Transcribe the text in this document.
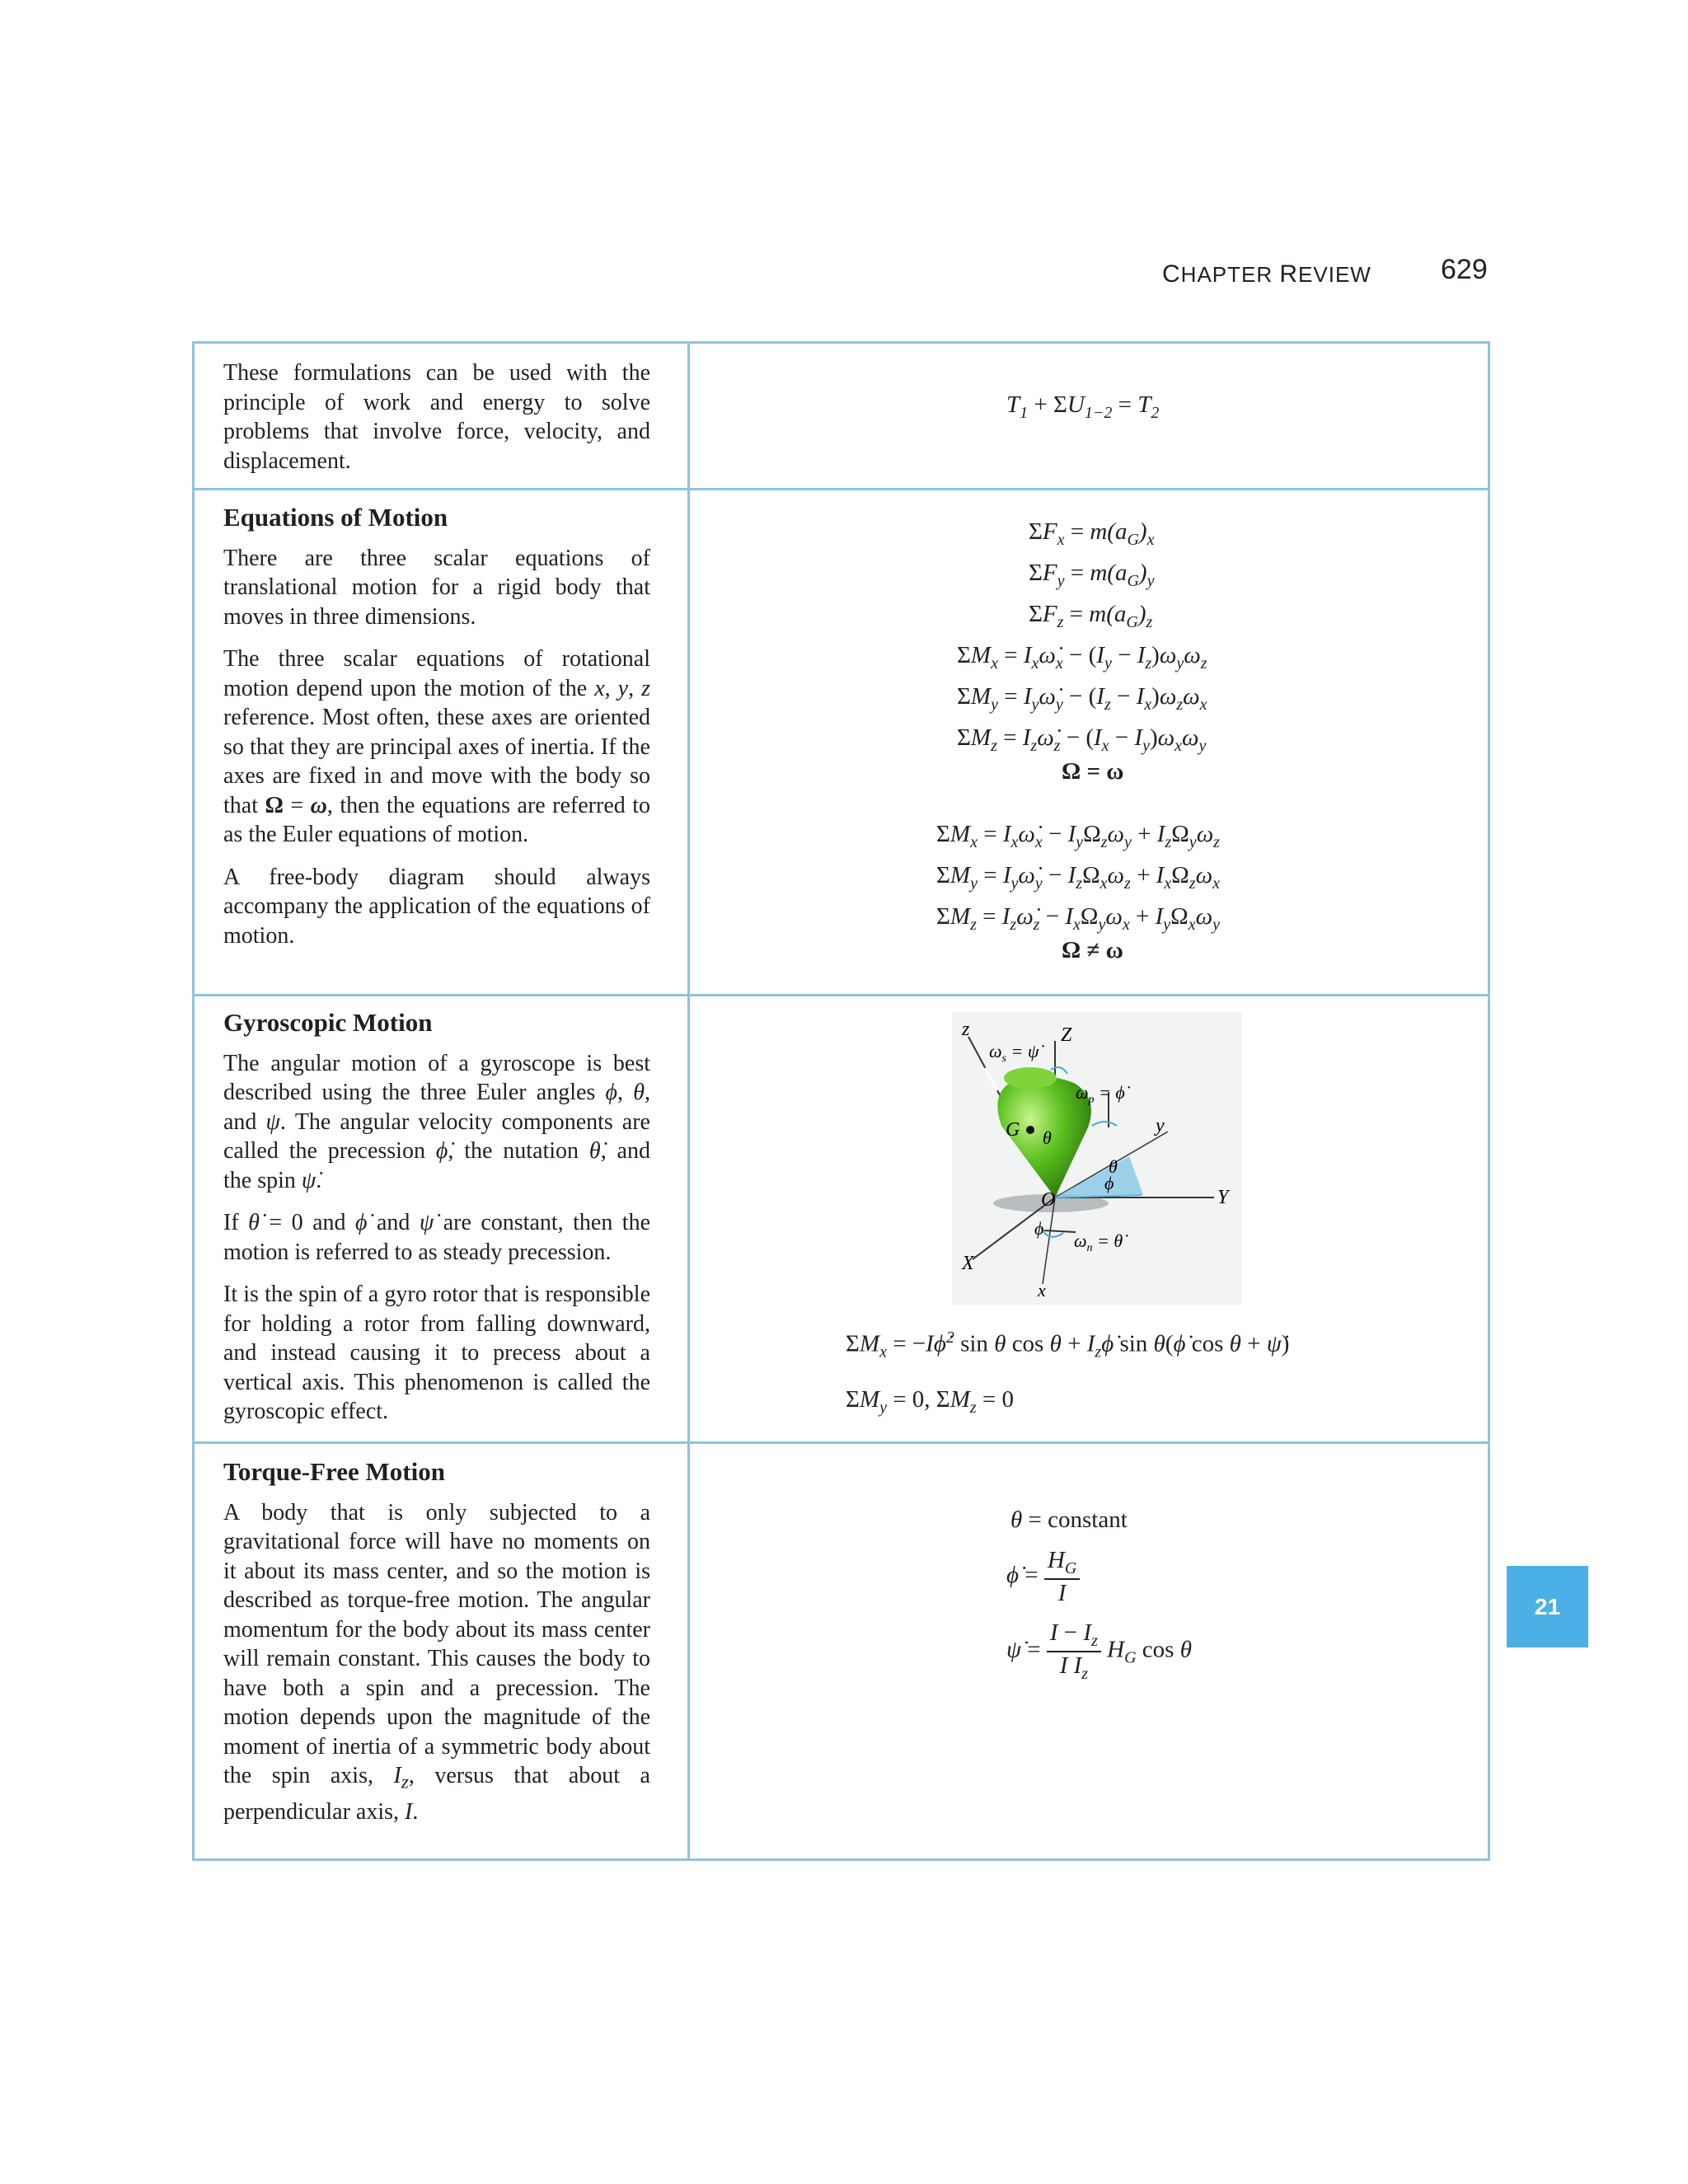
CHAPTER REVIEW 629

These formulations can be used with the principle of work and energy to solve problems that involve force, velocity, and displacement.

$T_1 + \Sigma U_{1-2} = T_2$
Equations of Motion

There are three scalar equations of translational motion for a rigid body that moves in three dimensions.

The three scalar equations of rotational motion depend upon the motion of the x, y, z reference. Most often, these axes are oriented so that they are principal axes of inertia. If the axes are fixed in and move with the body so that Ω = ω, then the equations are referred to as the Euler equations of motion.

A free-body diagram should always accompany the application of the equations of motion.

$\Sigma F_x = m(a_G)_x$
$\Sigma F_y = m(a_G)_y$
$\Sigma F_z = m(a_G)_z$
$\Sigma M_x$ = $I_x\omegȧ_x - (I_y - I_z)\omega_y\omega_z$
$\Sigma M_y$ = $I_y\omegȧ_y - (I_z - I_x)\omega_z\omega_x$
$\Sigma M_z$ = $I_z\omegȧ_z - (I_x - I_y)\omega_x\omega_y$
Ω = ω
$\Sigma M_x$ = $I_x\omegȧ_x - I_y\Omega_z\omega_y + I_z\Omega_y\omega_z$
$\Sigma M_y$ = $I_y\omegȧ_y - I_z\Omega_x\omega_z + I_x\Omega_z\omega_x$
$\Sigma M_z$ = $I_z\omegȧ_z - I_x\Omega_y\omega_x + I_y\Omega_x\omega_y$
Ω ≠ ω
Gyroscopic Motion

The angular motion of a gyroscope is best described using the three Euler angles ϕ, θ, and ψ. The angular velocity components are called the precession ϕ̇, the nutation θ̇, and the spin ψ̇.

If θ̇ = 0 and ϕ̇ and ψ̇ are constant, then the motion is referred to as steady precession.

It is the spin of a gyro rotor that is responsible for holding a rotor from falling downward, and instead causing it to precess about a vertical axis. This phenomenon is called the gyroscopic effect.

$\Sigma M_x$ = −Iϕ̇$^2$ sin θ $\cos \theta + I_z\phi̇$ sin θ(ϕ̇ cos θ + ψ̇)
$\Sigma M_y = 0$, $\Sigma M_z = 0$
Torque-Free Motion

A body that is only subjected to a gravitational force will have no moments on it about its mass center, and so the motion is described as torque-free motion. The angular momentum for the body about its mass center will remain constant. This causes the body to have both a spin and a precession. The motion depends upon the magnitude of the moment of inertia of a symmetric body about the spin axis, $I_z$, versus that about a perpendicular axis, I.

θ = constant
ϕ̇ = $\frac{H_G}{I}$
ψ̇ = $\frac{I - I_z}{I I_z} H_G$ cos θ
Z
z
$\omega_s$ = ψ̇
$\omega_p$ = ϕ̇
y
Y
G θ
θ
ϕ
O
ϕ
$\omega_n$ = θ̇
X
x
21
